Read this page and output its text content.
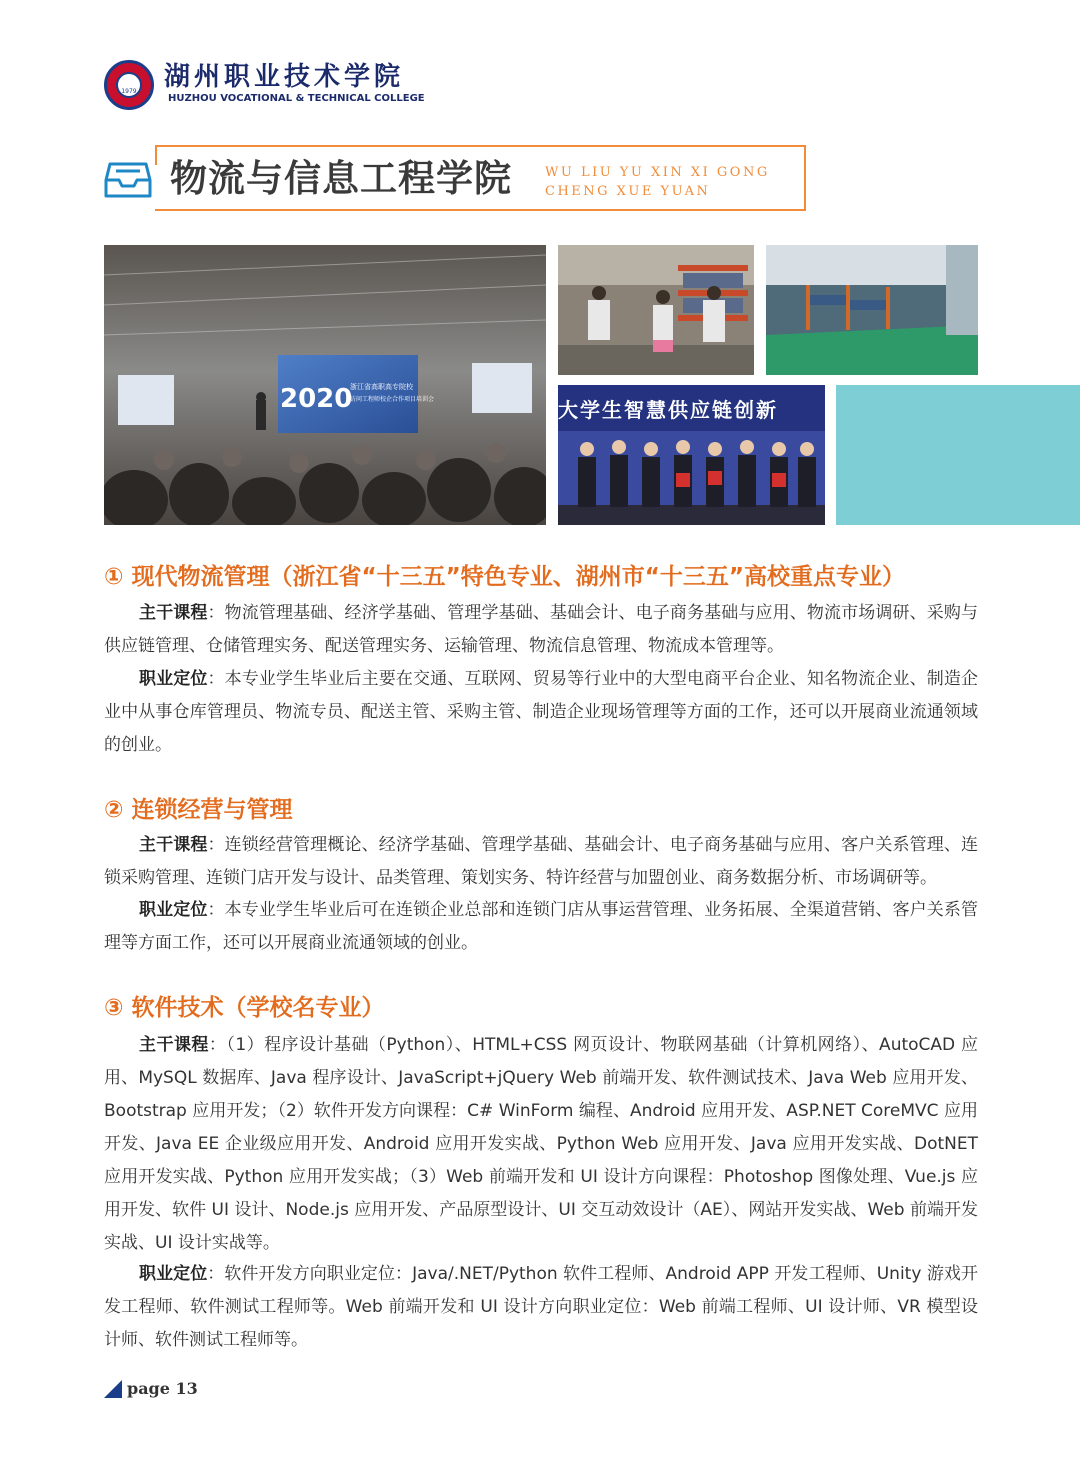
1979 湖州职业技术学院
HUZHOU VOCATIONAL & TECHNICAL COLLEGE
物流与信息工程学院	WU LIU YU XIN XI GONG
CHENG XUE YUAN
2020
浙江省高职高专院校
访问工程师校企合作项目培训会	大学生智慧供应链创新
① 现代物流管理（浙江省“十三五”特色专业、湖州市“十三五”高校重点专业）

主干课程：物流管理基础、经济学基础、管理学基础、基础会计、电子商务基础与应用、物流市场调研、采购与供应链管理、仓储管理实务、配送管理实务、运输管理、物流信息管理、物流成本管理等。

职业定位：本专业学生毕业后主要在交通、互联网、贸易等行业中的大型电商平台企业、知名物流企业、制造企业中从事仓库管理员、物流专员、配送主管、采购主管、制造企业现场管理等方面的工作，还可以开展商业流通领域的创业。

② 连锁经营与管理

主干课程：连锁经营管理概论、经济学基础、管理学基础、基础会计、电子商务基础与应用、客户关系管理、连锁采购管理、连锁门店开发与设计、品类管理、策划实务、特许经营与加盟创业、商务数据分析、市场调研等。

职业定位：本专业学生毕业后可在连锁企业总部和连锁门店从事运营管理、业务拓展、全渠道营销、客户关系管理等方面工作，还可以开展商业流通领域的创业。

③ 软件技术（学校名专业）

主干课程：（1）程序设计基础（Python）、HTML+CSS 网页设计、物联网基础（计算机网络）、AutoCAD 应用、MySQL 数据库、Java 程序设计、JavaScript+jQuery Web 前端开发、软件测试技术、Java Web 应用开发、Bootstrap 应用开发；（2）软件开发方向课程：C# WinForm 编程、Android 应用开发、ASP.NET CoreMVC 应用开发、Java EE 企业级应用开发、Android 应用开发实战、Python Web 应用开发、Java 应用开发实战、DotNET 应用开发实战、Python 应用开发实战；（3）Web 前端开发和 UI 设计方向课程：Photoshop 图像处理、Vue.js 应用开发、软件 UI 设计、Node.js 应用开发、产品原型设计、UI 交互动效设计（AE）、网站开发实战、Web 前端开发实战、UI 设计实战等。

职业定位：软件开发方向职业定位：Java/.NET/Python 软件工程师、Android APP 开发工程师、Unity 游戏开发工程师、软件测试工程师等。Web 前端开发和 UI 设计方向职业定位：Web 前端工程师、UI 设计师、VR 模型设计师、软件测试工程师等。

page 13
